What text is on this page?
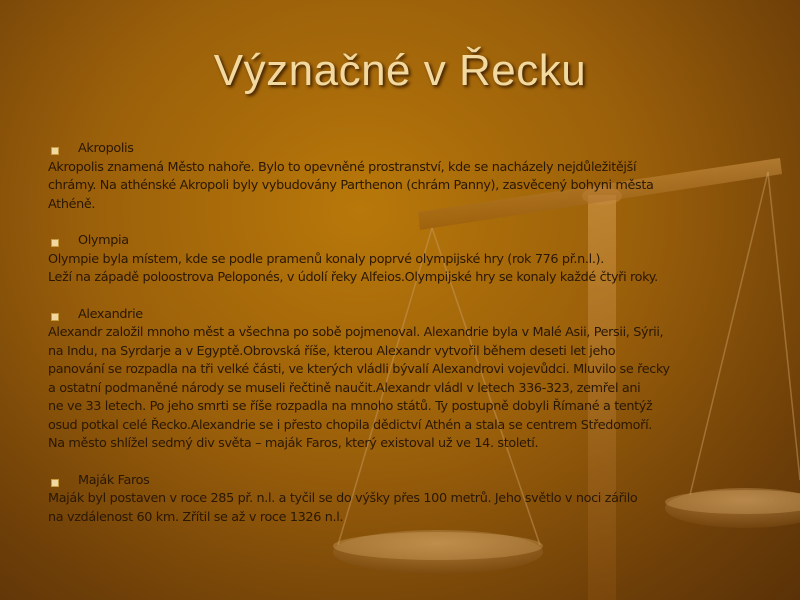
Význačné v Řecku
Akropolis
Akropolis znamená Město nahoře. Bylo to opevněné prostranství, kde se nacházely nejdůležitější
chrámy. Na athénské Akropoli byly vybudovány Parthenon (chrám Panny), zasvěcený bohyni města
Athéně.
Olympia
Olympie byla místem, kde se podle pramenů konaly poprvé olympijské hry (rok 776 př.n.l.).
Leží na západě poloostrova Peloponés, v údolí řeky Alfeios.Olympijské hry se konaly každé čtyři roky.
Alexandrie
Alexandr založil mnoho měst a všechna po sobě pojmenoval. Alexandrie byla v Malé Asii, Persii, Sýrii,
na Indu, na Syrdarje a v Egyptě.Obrovská říše, kterou Alexandr vytvořil během deseti let jeho
panování se rozpadla na tři velké části, ve kterých vládli bývalí Alexandrovi vojevůdci. Mluvilo se řecky
a ostatní podmaněné národy se museli řečtině naučit.Alexandr vládl v letech 336-323, zemřel ani
ne ve 33 letech. Po jeho smrti se říše rozpadla na mnoho států. Ty postupně dobyli Římané a tentýž
osud potkal celé Řecko.Alexandrie se i přesto chopila dědictví Athén a stala se centrem Středomoří.
Na město shlížel sedmý div světa – maják Faros, který existoval už ve 14. století.
Maják Faros
Maják byl postaven v roce 285 př. n.l. a tyčil se do výšky přes 100 metrů. Jeho světlo v noci zářilo
na vzdálenost 60 km. Zřítil se až v roce 1326 n.l.
